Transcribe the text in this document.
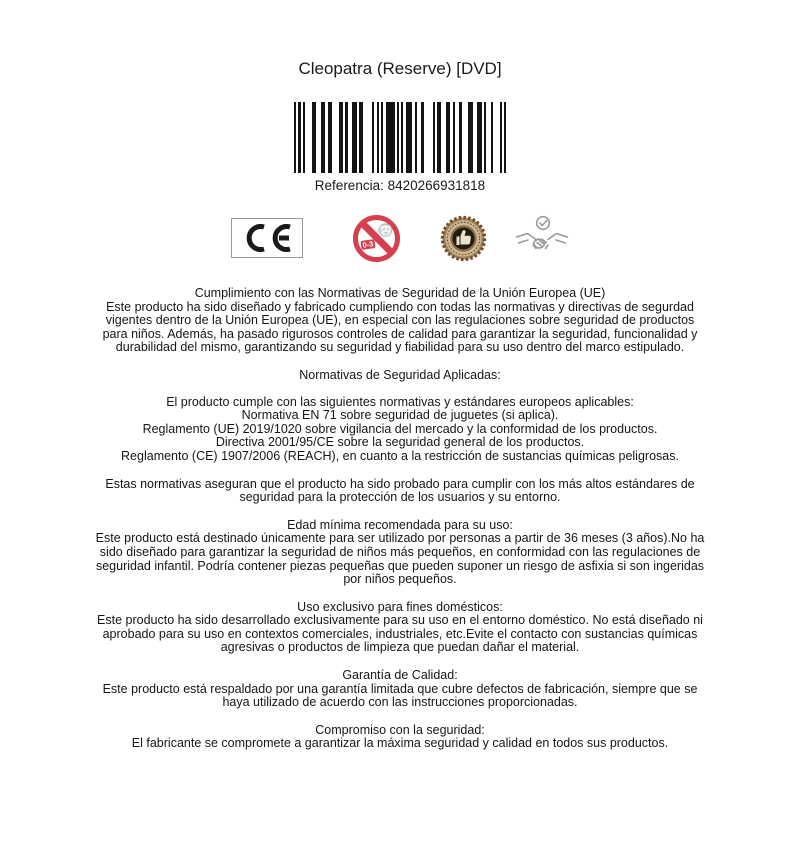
Cleopatra (Reserve) [DVD]
Referencia: 8420266931818
0-3

Cumplimiento con las Normativas de Seguridad de la Unión Europea (UE)

Este producto ha sido diseñado y fabricado cumpliendo con todas las normativas y directivas de segurdad vigentes dentro de la Unión Europea (UE), en especial con las regulaciones sobre seguridad de productos para niños. Además, ha pasado rigurosos controles de calidad para garantizar la seguridad, funcionalidad y durabilidad del mismo, garantizando su seguridad y fiabilidad para su uso dentro del marco estipulado.

Normativas de Seguridad Aplicadas:

El producto cumple con las siguientes normativas y estándares europeos aplicables:

Normativa EN 71 sobre seguridad de juguetes (si aplica).

Reglamento (UE) 2019/1020 sobre vigilancia del mercado y la conformidad de los productos.

Directiva 2001/95/CE sobre la seguridad general de los productos.

Reglamento (CE) 1907/2006 (REACH), en cuanto a la restricción de sustancias químicas peligrosas.

Estas normativas aseguran que el producto ha sido probado para cumplir con los más altos estándares de seguridad para la protección de los usuarios y su entorno.

Edad mínima recomendada para su uso:

Este producto está destinado únicamente para ser utilizado por personas a partir de 36 meses (3 años).No ha sido diseñado para garantizar la seguridad de niños más pequeños, en conformidad con las regulaciones de seguridad infantil. Podría contener piezas pequeñas que pueden suponer un riesgo de asfixia si son ingeridas por niños pequeños.

Uso exclusivo para fines domésticos:

Este producto ha sido desarrollado exclusivamente para su uso en el entorno doméstico. No está diseñado ni aprobado para su uso en contextos comerciales, industriales, etc.Evite el contacto con sustancias químicas agresivas o productos de limpieza que puedan dañar el material.

Garantía de Calidad:

Este producto está respaldado por una garantía limitada que cubre defectos de fabricación, siempre que se haya utilizado de acuerdo con las instrucciones proporcionadas.

Compromiso con la seguridad:

El fabricante se compromete a garantizar la máxima seguridad y calidad en todos sus productos.
